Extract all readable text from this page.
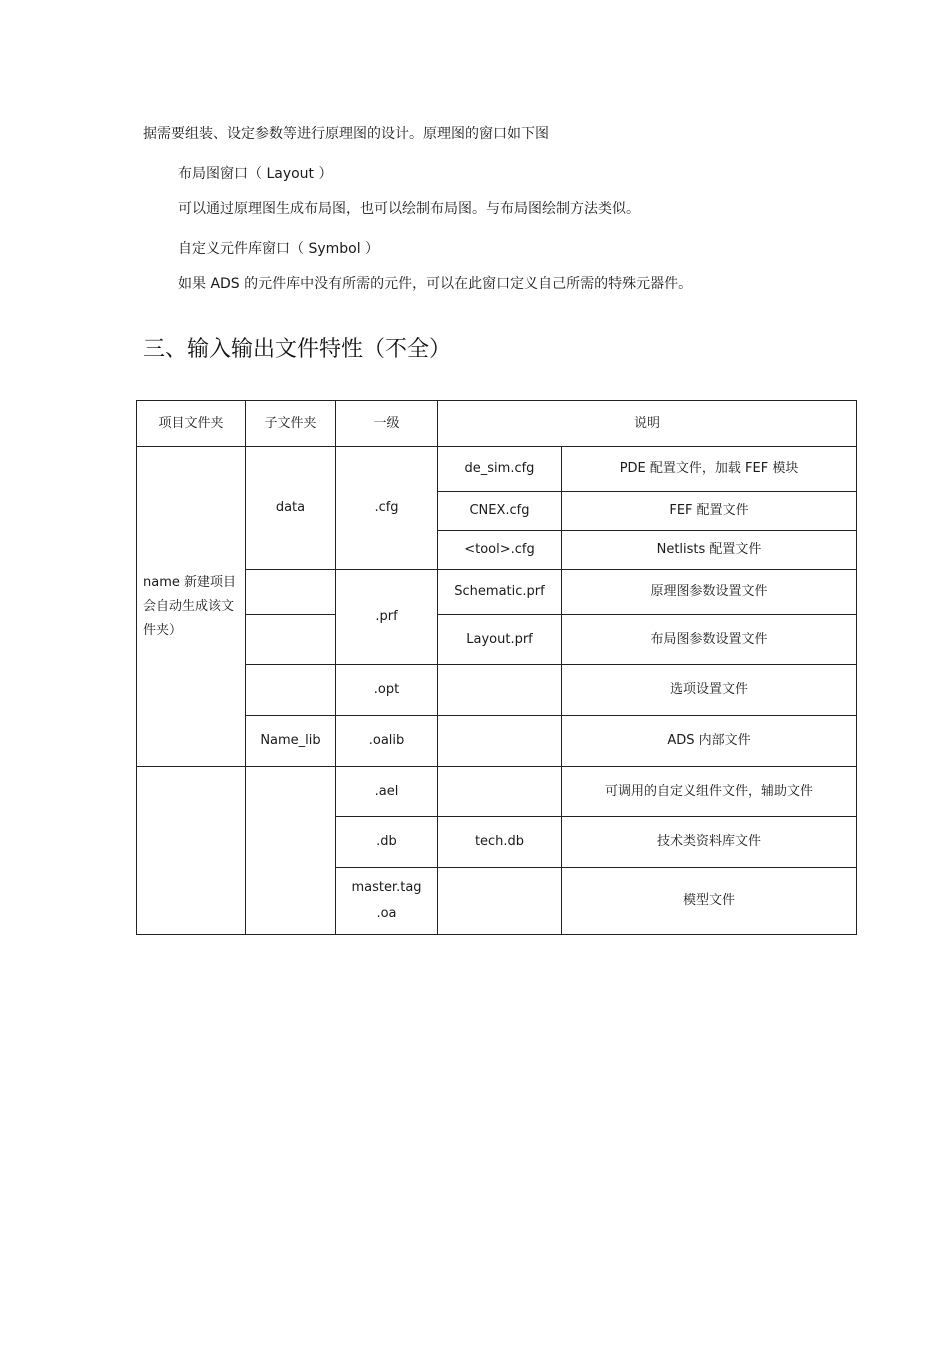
据需要组装、设定参数等进行原理图的设计。原理图的窗口如下图
布局图窗口（ Layout ）
可以通过原理图生成布局图，也可以绘制布局图。与布局图绘制方法类似。
自定义元件库窗口（ Symbol ）
如果 ADS 的元件库中没有所需的元件，可以在此窗口定义自己所需的特殊元器件。
三、输入输出文件特性（不全）
项目文件夹	子文件夹	一级	说明	

name 新建项目会自动生成该文件夹）	data	.cfg	de_sim.cfg	PDE 配置文件，加载 FEF 模块
			CNEX.cfg	FEF 配置文件
			<tool>.cfg	Netlists 配置文件
		.prf	Schematic.prf	原理图参数设置文件
			Layout.prf	布局图参数设置文件
		.opt		选项设置文件
	Name_lib	.oalib		ADS 内部文件
		.ael		可调用的自定义组件文件，辅助文件
		.db	tech.db	技术类资料库文件

		master.tag .oa		模型文件
